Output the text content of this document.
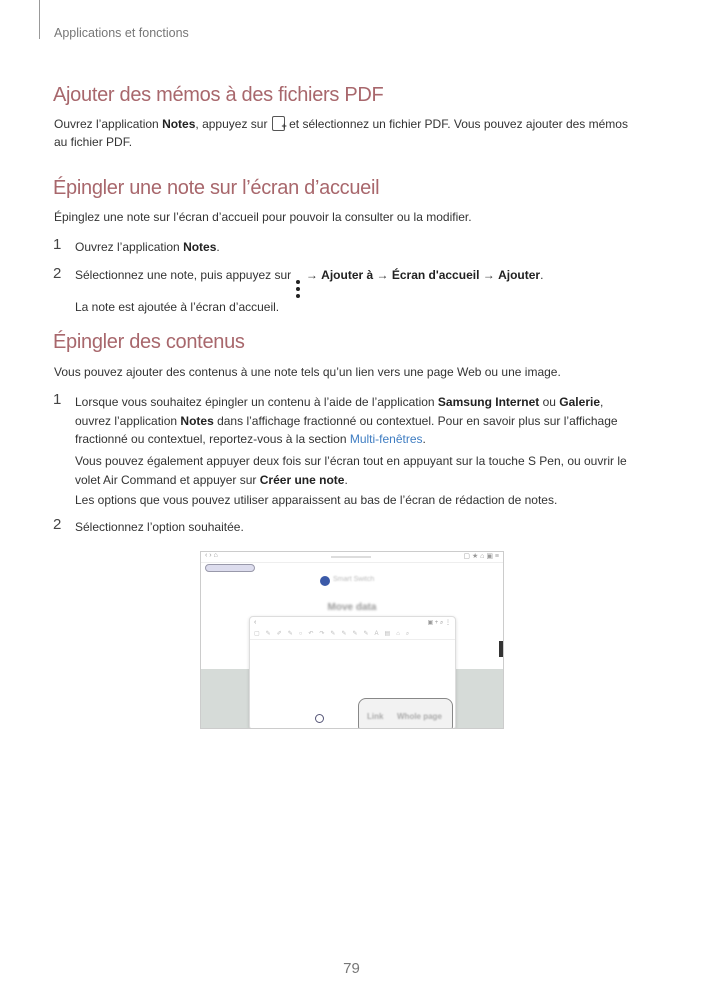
Applications et fonctions
Ajouter des mémos à des fichiers PDF
Ouvrez l’application Notes, appuyez sur + et sélectionnez un fichier PDF. Vous pouvez ajouter des mémos
au fichier PDF.
Épingler une note sur l’écran d’accueil
Épinglez une note sur l’écran d’accueil pour pouvoir la consulter ou la modifier.
1 Ouvrez l’application Notes.
2 Sélectionnez une note, puis appuyez sur
→ Ajouter à → Écran d'accueil → Ajouter.
La note est ajoutée à l’écran d’accueil.
Épingler des contenus
Vous pouvez ajouter des contenus à une note tels qu’un lien vers une page Web ou une image.
1 Lorsque vous souhaitez épingler un contenu à l’aide de l’application Samsung Internet ou Galerie,
ouvrez l’application Notes dans l’affichage fractionné ou contextuel. Pour en savoir plus sur l’affichage
fractionné ou contextuel, reportez-vous à la section Multi-fenêtres.
Vous pouvez également appuyer deux fois sur l’écran tout en appuyant sur la touche S Pen, ou ouvrir le
volet Air Command et appuyer sur Créer une note.
Les options que vous pouvez utiliser apparaissent au bas de l’écran de rédaction de notes.
2 Sélectionnez l’option souhaitée.
‹ › ⌂	▢ ★ ⌂ ▣ ≡
Smart Switch
Move data
‹	▣ + ⌕ ⋮
▢✎✐✎○↶↷✎✎✎✎A▤⌂⌕
Link Whole page
79
